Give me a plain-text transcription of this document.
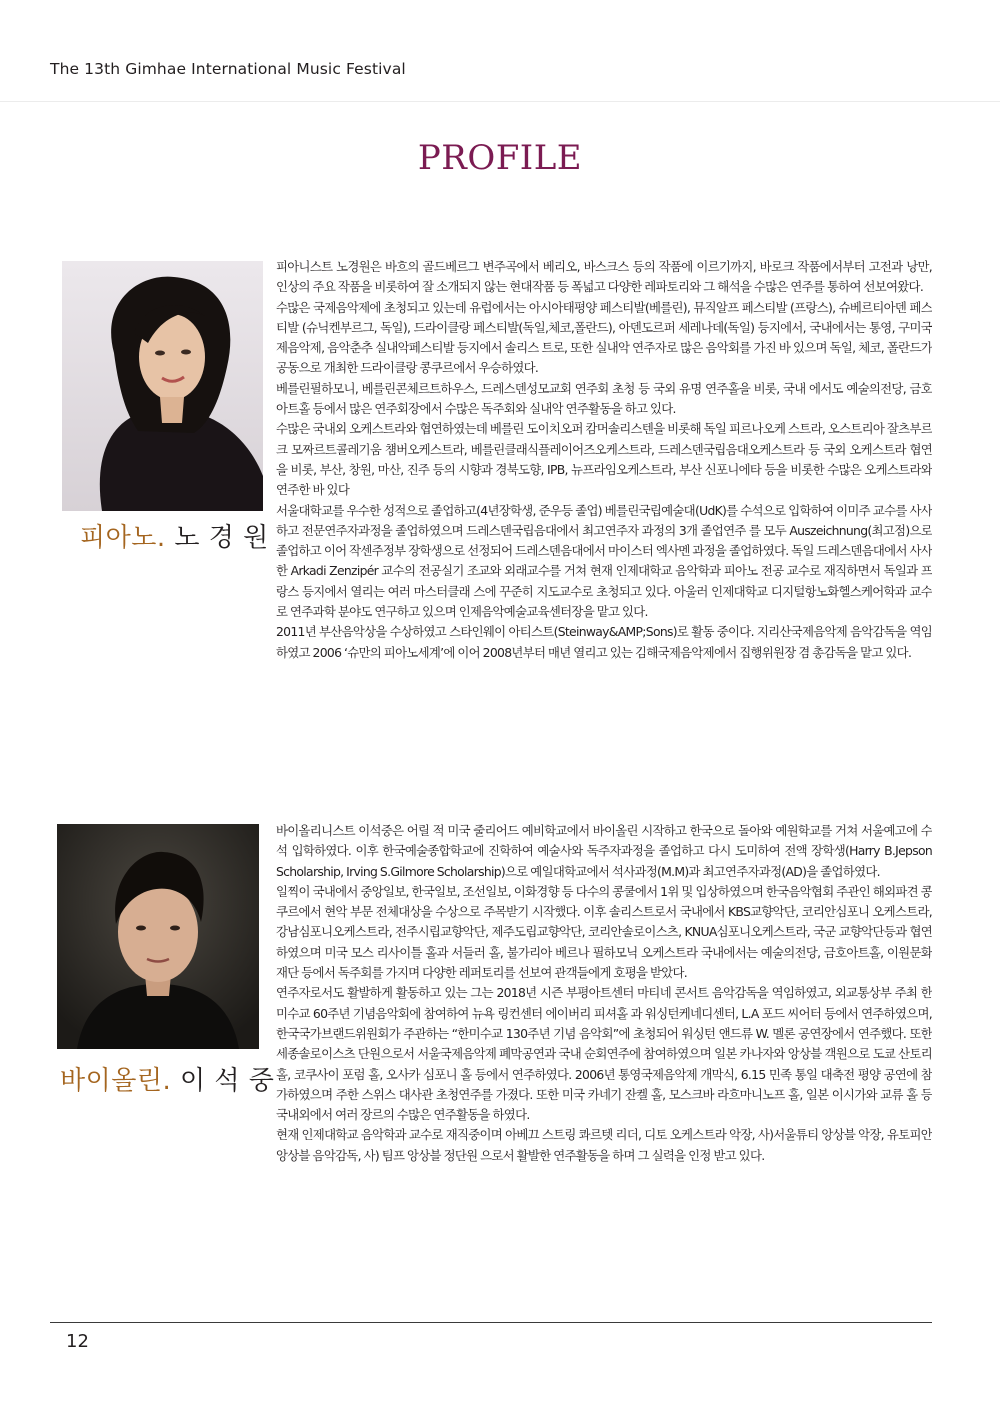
The 13th Gimhae International Music Festival
PROFILE
피아노. 노 경 원

피아니스트 노경원은 바흐의 골드베르그 변주곡에서 베리오, 바스크스 등의 작품에 이르기까지, 바로크 작품에서부터 고전과 낭만, 인상의 주요 작품을 비롯하여 잘 소개되지 않는 현대작품 등 폭넓고 다양한 레파토리와 그 해석을 수많은 연주를 통하여 선보여왔다.

수많은 국제음악제에 초청되고 있는데 유럽에서는 아시아태평양 페스티발(베를린), 뮤직알프 페스티발 (프랑스), 슈베르티아덴 페스티발 (슈닉켄부르그, 독일), 드라이클랑 페스티발(독일,체코,폴란드), 아덴도르퍼 세레나데(독일) 등지에서, 국내에서는 통영, 구미국제음악제, 음악춘추 실내악페스티발 등지에서 솔리스 트로, 또한 실내악 연주자로 많은 음악회를 가진 바 있으며 독일, 체코, 폴란드가 공동으로 개최한 드라이클랑 콩쿠르에서 우승하였다.

베를린필하모니, 베를린콘체르트하우스, 드레스덴성모교회 연주회 초청 등 국외 유명 연주홀을 비롯, 국내 에서도 예술의전당, 금호아트홀 등에서 많은 연주회장에서 수많은 독주회와 실내악 연주활동을 하고 있다.

수많은 국내외 오케스트라와 협연하였는데 베를린 도이치오퍼 캄머솔리스텐을 비롯해 독일 피르나오케 스트라, 오스트리아 잘츠부르크 모짜르트콜레기움 첌버오케스트라, 베를린클래식플레이어즈오케스트라, 드레스덴국립음대오케스트라 등 국외 오케스트라 협연을 비롯, 부산, 창원, 마산, 진주 등의 시향과 경북도향, IPB, 뉴프라임오케스트라, 부산 신포니에타 등을 비롯한 수많은 오케스트라와 연주한 바 있다

서울대학교를 우수한 성적으로 졸업하고(4년장학생, 준우등 졸업) 베를린국립예술대(UdK)를 수석으로 입학하여 이미주 교수를 사사하고 전문연주자과정을 졸업하였으며 드레스덴국립음대에서 최고연주자 과정의 3개 졸업연주 를 모두 Auszeichnung(최고점)으로 졸업하고 이어 작센주정부 장학생으로 선정되어 드레스덴음대에서 마이스터 엑사멘 과정을 졸업하였다. 독일 드레스덴음대에서 사사한 Arkadi Zenzipér 교수의 전공실기 조교와 외래교수를 거쳐 현재 인제대학교 음악학과 피아노 전공 교수로 재직하면서 독일과 프랑스 등지에서 열리는 여러 마스터클래 스에 꾸준히 지도교수로 초청되고 있다. 아울러 인제대학교 디지털항노화헬스케어학과 교수로 연주과학 분야도 연구하고 있으며 인제음악예술교육센터장을 맡고 있다.

2011년 부산음악상을 수상하였고 스타인웨이 아티스트(Steinway&AMP;Sons)로 활동 중이다. 지리산국제음악제 음악감독을 역임하였고 2006 ‘슈만의 피아노세계’에 이어 2008년부터 매년 열리고 있는 김해국제음악제에서 집행위원장 겸 총감독을 맡고 있다.

바이올린. 이 석 중

바이올리니스트 이석중은 어릴 적 미국 줄리어드 예비학교에서 바이올린 시작하고 한국으로 돌아와 예원학교를 거쳐 서울예고에 수석 입학하였다. 이후 한국예술종합학교에 진학하여 예술사와 독주자과정을 졸업하고 다시 도미하여 전액 장학생(Harry B.Jepson Scholarship, Irving S.Gilmore Scholarship)으로 예일대학교에서 석사과정(M.M)과 최고연주자과정(AD)을 졸업하였다.

일찍이 국내에서 중앙일보, 한국일보, 조선일보, 이화경향 등 다수의 콩쿨에서 1위 및 입상하였으며 한국음악협회 주관인 해외파견 콩쿠르에서 현악 부문 전체대상을 수상으로 주목받기 시작했다. 이후 솔리스트로서 국내에서 KBS교향악단, 코리안심포니 오케스트라, 강남심포니오케스트라, 전주시립교향악단, 제주도립교향악단, 코리안솔로이스츠, KNUA심포니오케스트라, 국군 교향악단등과 협연하였으며 미국 모스 리사이틀 홀과 서들러 홀, 불가리아 베르나 필하모닉 오케스트라 국내에서는 예술의전당, 금호아트홀, 이원문화재단 등에서 독주회를 가지며 다양한 레퍼토리를 선보여 관객들에게 호평을 받았다.

연주자로서도 활발하게 활동하고 있는 그는 2018년 시즌 부평아트센터 마티네 콘서트 음악감독을 역임하였고, 외교통상부 주최 한미수교 60주년 기념음악회에 참여하여 뉴욕 링컨센터 에이버리 피셔홀 과 워싱턴케네디센터, L.A 포드 씨어터 등에서 연주하였으며, 한국국가브랜드위원회가 주관하는 “한미수교 130주년 기념 음악회”에 초청되어 워싱턴 앤드류 W. 멜론 공연장에서 연주했다. 또한 세종솔로이스츠 단원으로서 서울국제음악제 폐막공연과 국내 순회연주에 참여하였으며 일본 카나자와 앙상블 객원으로 도쿄 산토리홀, 코쿠사이 포럼 홀, 오사카 심포니 홀 등에서 연주하였다. 2006년 통영국제음악제 개막식, 6.15 민족 통일 대축전 평양 공연에 참가하였으며 주한 스위스 대사관 초청연주를 가졌다. 또한 미국 카네기 잔켈 홀, 모스크바 라흐마니노프 홀, 일본 이시가와 교류 홀 등 국내외에서 여러 장르의 수많은 연주활동을 하였다.

현재 인제대학교 음악학과 교수로 재직중이며 아베끄 스트링 콰르텟 리더, 디토 오케스트라 악장, 사)서울튜티 앙상블 악장, 유토피안 앙상블 음악감독, 사) 팀프 앙상블 정단원 으로서 활발한 연주활동을 하며 그 실력을 인정 받고 있다.

12
